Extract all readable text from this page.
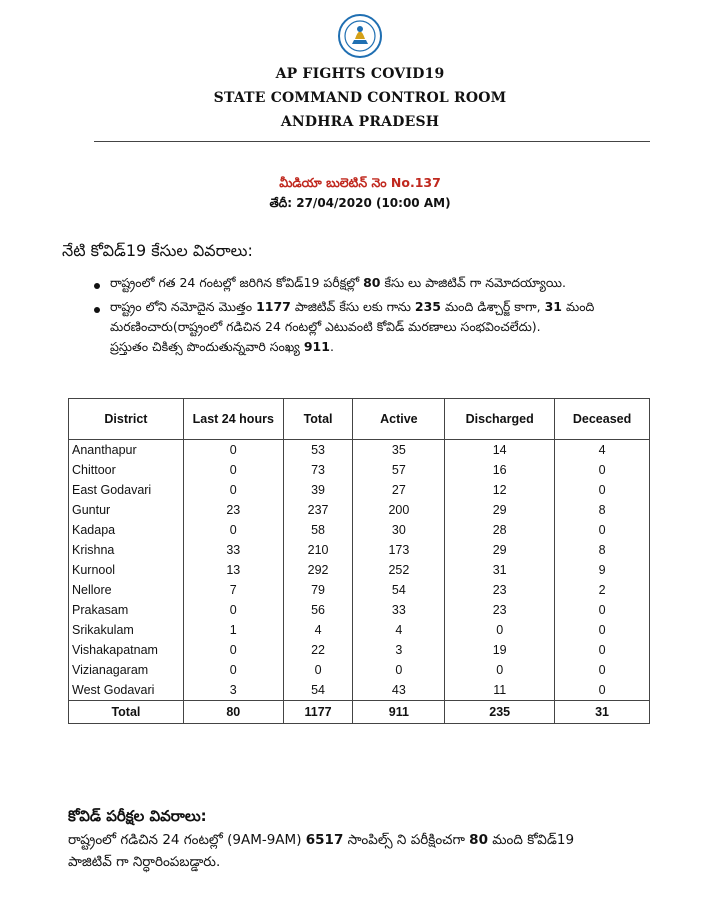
AP FIGHTS COVID19
STATE COMMAND CONTROL ROOM
ANDHRA PRADESH
మీడియా బులెటిన్ నెం No.137
తేదీ: 27/04/2020 (10:00 AM)
నేటి కోవిడ్19 కేసుల వివరాలు:
రాష్ట్రంలో గత 24 గంటల్లో జరిగిన కోవిడ్19 పరీక్షల్లో 80 కేసు లు పాజిటివ్ గా నమోదయ్యాయి.
రాష్ట్రం లోని నమోదైన మొత్తం 1177 పాజిటివ్ కేసు లకు గాను 235 మంది డిశ్చార్జ్ కాగా, 31 మంది
మరణించారు(రాష్ట్రంలో గడిచిన 24 గంటల్లో ఎటువంటి కోవిడ్ మరణాలు సంభవించలేదు).
ప్రస్తుతం చికిత్స పొందుతున్నవారి సంఖ్య 911.
District	Last 24 hours	Total	Active	Discharged	Deceased
Ananthapur	0	53	35	14	4
Chittoor	0	73	57	16	0
East Godavari	0	39	27	12	0
Guntur	23	237	200	29	8
Kadapa	0	58	30	28	0
Krishna	33	210	173	29	8
Kurnool	13	292	252	31	9
Nellore	7	79	54	23	2
Prakasam	0	56	33	23	0
Srikakulam	1	4	4	0	0
Vishakapatnam	0	22	3	19	0
Vizianagaram	0	0	0	0	0
West Godavari	3	54	43	11	0
Total	80	1177	911	235	31
కోవిడ్ పరీక్షల వివరాలు:
రాష్ట్రంలో గడిచిన 24 గంటల్లో (9AM-9AM) 6517 సాంపిల్స్ ని పరీక్షించగా 80 మంది కోవిడ్19
పాజిటివ్ గా నిర్ధారింపబడ్డారు.
